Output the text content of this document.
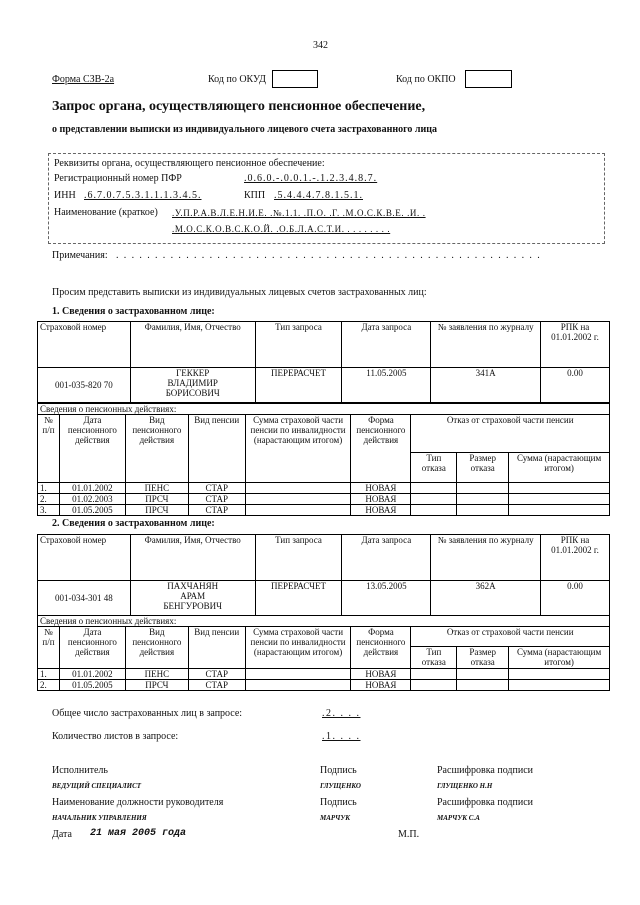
342
Форма СЗВ-2а	Код по ОКУД	Код по ОКПО
Запрос органа, осуществляющего пенсионное обеспечение,
о представлении выписки из индивидуального лицевого счета застрахованного лица
Реквизиты органа, осуществляющего пенсионное обеспечение:
Регистрационный номер ПФР	.0.6.0.-.0.0.1.-.1.2.3.4.8.7.
ИНН .6.7.0.7.5.3.1.1.1.3.4.5.	КПП .5.4.4.4.7.8.1.5.1.
Наименование (краткое) .У.П.Р.А.В.Л.Е.Н.И.Е. .№.1.1. .П.О. .Г. .М.О.С.К.В.Е. .И. .
.М.О.С.К.О.В.С.К.О.Й. .О.Б.Л.А.С.Т.И. . . . . . . . .
Примечания: . . . . . . . . . . . . . . . . . . . . . . . . . . . . . . . . . . . . . . . . . . . . . . . . . . . . . . .
Просим представить выписки из индивидуальных лицевых счетов застрахованных лиц:
1. Сведения о застрахованном лице:
Страховой номер	Фамилия, Имя, Отчество	Тип запроса	Дата запроса	№ заявления по журналу	РПК на 01.01.2002 г.
001-035-820 70	ГЕККЕР
ВЛАДИМИР
БОРИСОВИЧ	ПЕРЕРАСЧЕТ	11.05.2005	341А	0.00
Сведения о пенсионных действиях:								
№ п/п	Дата пенсионного действия	Вид пенсионного действия	Вид пенсии	Сумма страховой части пенсии по инвалидности (нарастающим итогом)	Форма пенсионного действия	Отказ от страховой части пенсии		
						Тип отказа	Размер отказа	Сумма (нарастающим итогом)
1.	01.01.2002	ПЕНС	СТАР		НОВАЯ			
2.	01.02.2003	ПРСЧ	СТАР		НОВАЯ			
3.	01.05.2005	ПРСЧ	СТАР		НОВАЯ			
2. Сведения о застрахованном лице:
Страховой номер	Фамилия, Имя, Отчество	Тип запроса	Дата запроса	№ заявления по журналу	РПК на 01.01.2002 г.
001-034-301 48	ПАХЧАНЯН
АРАМ
БЕНГУРОВИЧ	ПЕРЕРАСЧЕТ	13.05.2005	362А	0.00
Сведения о пенсионных действиях:								
№ п/п	Дата пенсионного действия	Вид пенсионного действия	Вид пенсии	Сумма страховой части пенсии по инвалидности (нарастающим итогом)	Форма пенсионного действия	Отказ от страховой части пенсии		
						Тип отказа	Размер отказа	Сумма (нарастающим итогом)
1.	01.01.2002	ПЕНС	СТАР		НОВАЯ			
2.	01.05.2005	ПРСЧ	СТАР		НОВАЯ			
Общее число застрахованных лиц в запросе:	.2. . . .
Количество листов в запросе:	.1. . . .
Исполнитель	Подпись	Расшифровка подписи
ВЕДУЩИЙ СПЕЦИАЛИСТ	ГЛУЩЕНКО	ГЛУЩЕНКО Н.Н
Наименование должности руководителя	Подпись	Расшифровка подписи
НАЧАЛЬНИК УПРАВЛЕНИЯ	МАРЧУК	МАРЧУК С.А
Дата 21 мая 2005 года	М.П.
